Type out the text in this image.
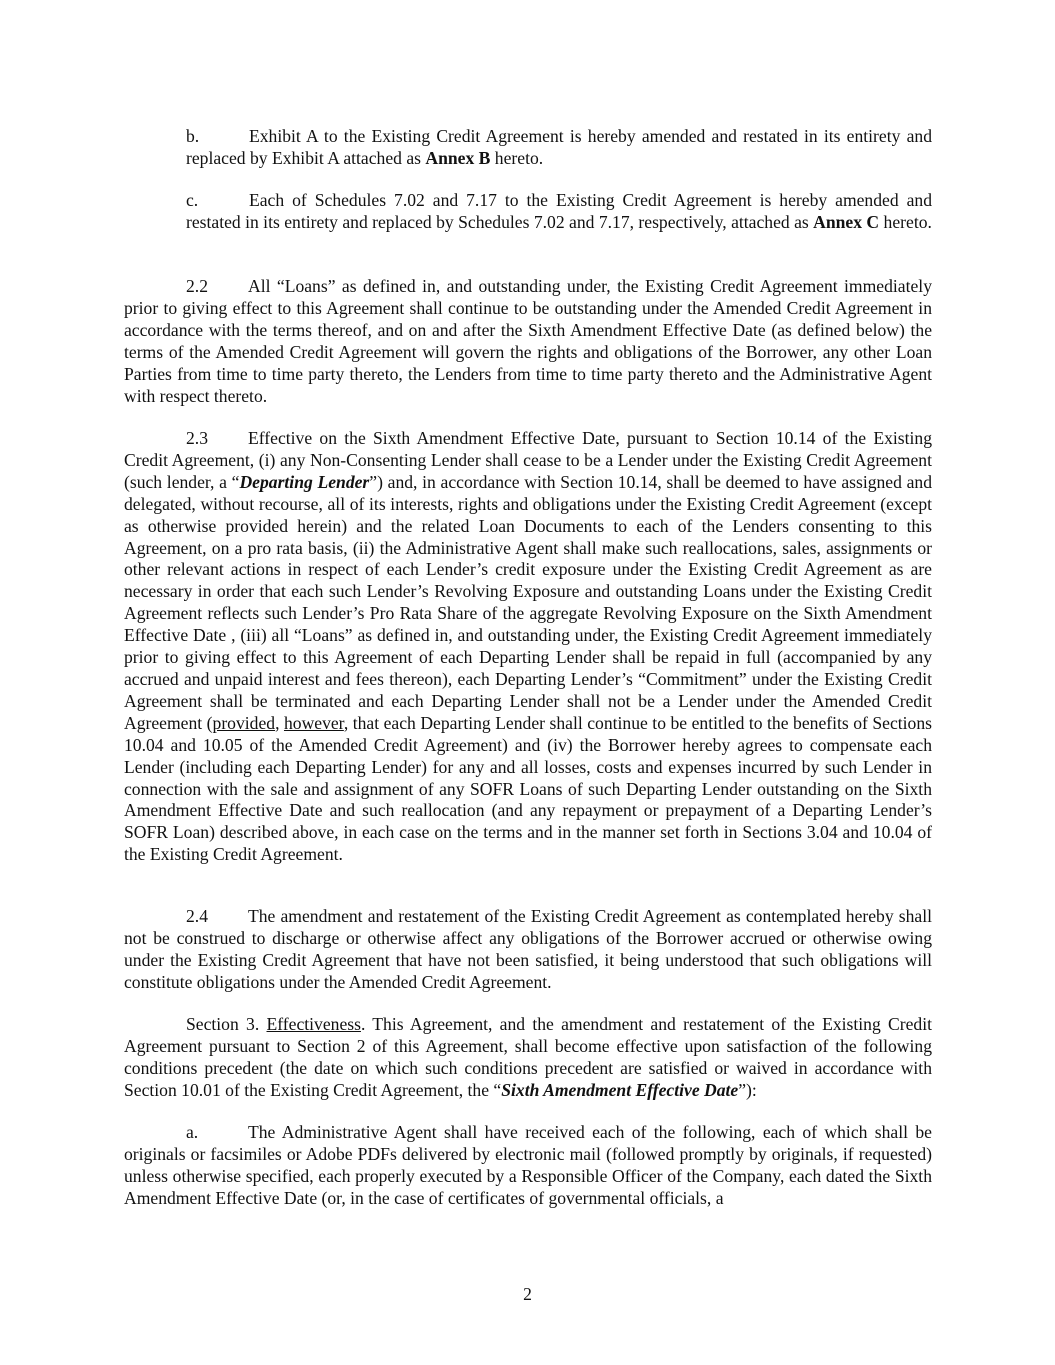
b.	Exhibit A to the Existing Credit Agreement is hereby amended and restated in its entirety and replaced by Exhibit A attached as Annex B hereto.

c.	Each of Schedules 7.02 and 7.17 to the Existing Credit Agreement is hereby amended and restated in its entirety and replaced by Schedules 7.02 and 7.17, respectively, attached as Annex C hereto.

2.2 All “Loans” as defined in, and outstanding under, the Existing Credit Agreement immediately prior to giving effect to this Agreement shall continue to be outstanding under the Amended Credit Agreement in accordance with the terms thereof, and on and after the Sixth Amendment Effective Date (as defined below) the terms of the Amended Credit Agreement will govern the rights and obligations of the Borrower, any other Loan Parties from time to time party thereto, the Lenders from time to time party thereto and the Administrative Agent with respect thereto.

2.3 Effective on the Sixth Amendment Effective Date, pursuant to Section 10.14 of the Existing Credit Agreement, (i) any Non-Consenting Lender shall cease to be a Lender under the Existing Credit Agreement (such lender, a “Departing Lender”) and, in accordance with Section 10.14, shall be deemed to have assigned and delegated, without recourse, all of its interests, rights and obligations under the Existing Credit Agreement (except as otherwise provided herein) and the related Loan Documents to each of the Lenders consenting to this Agreement, on a pro rata basis, (ii) the Administrative Agent shall make such reallocations, sales, assignments or other relevant actions in respect of each Lender’s credit exposure under the Existing Credit Agreement as are necessary in order that each such Lender’s Revolving Exposure and outstanding Loans under the Existing Credit Agreement reflects such Lender’s Pro Rata Share of the aggregate Revolving Exposure on the Sixth Amendment Effective Date , (iii) all “Loans” as defined in, and outstanding under, the Existing Credit Agreement immediately prior to giving effect to this Agreement of each Departing Lender shall be repaid in full (accompanied by any accrued and unpaid interest and fees thereon), each Departing Lender’s “Commitment” under the Existing Credit Agreement shall be terminated and each Departing Lender shall not be a Lender under the Amended Credit Agreement (provided, however, that each Departing Lender shall continue to be entitled to the benefits of Sections 10.04 and 10.05 of the Amended Credit Agreement) and (iv) the Borrower hereby agrees to compensate each Lender (including each Departing Lender) for any and all losses, costs and expenses incurred by such Lender in connection with the sale and assignment of any SOFR Loans of such Departing Lender outstanding on the Sixth Amendment Effective Date and such reallocation (and any repayment or prepayment of a Departing Lender’s SOFR Loan) described above, in each case on the terms and in the manner set forth in Sections 3.04 and 10.04 of the Existing Credit Agreement.

2.4 The amendment and restatement of the Existing Credit Agreement as contemplated hereby shall not be construed to discharge or otherwise affect any obligations of the Borrower accrued or otherwise owing under the Existing Credit Agreement that have not been satisfied, it being understood that such obligations will constitute obligations under the Amended Credit Agreement.

Section 3. Effectiveness. This Agreement, and the amendment and restatement of the Existing Credit Agreement pursuant to Section 2 of this Agreement, shall become effective upon satisfaction of the following conditions precedent (the date on which such conditions precedent are satisfied or waived in accordance with Section 10.01 of the Existing Credit Agreement, the “Sixth Amendment Effective Date”):

a.	The Administrative Agent shall have received each of the following, each of which shall be originals or facsimiles or Adobe PDFs delivered by electronic mail (followed promptly by originals, if requested) unless otherwise specified, each properly executed by a Responsible Officer of the Company, each dated the Sixth Amendment Effective Date (or, in the case of certificates of governmental officials, a

2
